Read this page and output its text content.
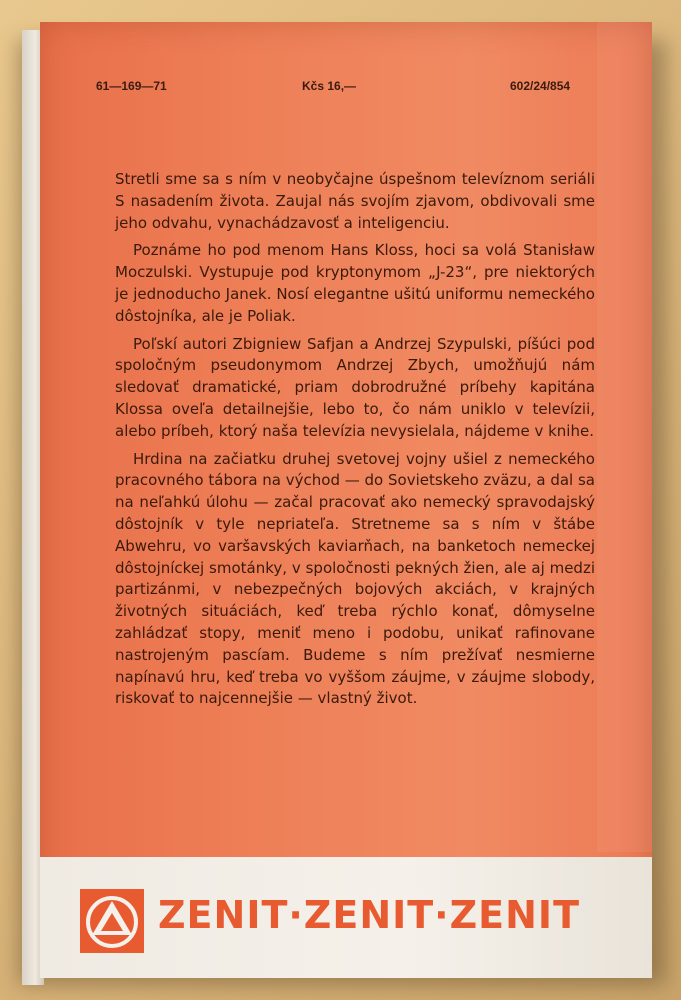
61—169—71	Kčs 16,—	602/24/854

Stretli sme sa s ním v neobyčajne úspešnom televíznom seriáli S nasadením života. Zaujal nás svojím zjavom, obdivovali sme jeho odvahu, vynachádzavosť a inteligenciu.

Poznáme ho pod menom Hans Kloss, hoci sa volá Stanisław Moczulski. Vystupuje pod kryptonymom „J-23“, pre niektorých je jednoducho Janek. Nosí elegantne ušitú uniformu nemeckého dôstojníka, ale je Poliak.

Poľskí autori Zbigniew Safjan a Andrzej Szypulski, píšúci pod spoločným pseudonymom Andrzej Zbych, umožňujú nám sledovať dramatické, priam dobrodružné príbehy kapitána Klossa oveľa detailnejšie, lebo to, čo nám uniklo v televízii, alebo príbeh, ktorý naša televízia nevysielala, nájdeme v knihe.

Hrdina na začiatku druhej svetovej vojny ušiel z nemeckého pracovného tábora na východ — do Sovietskeho zväzu, a dal sa na neľahkú úlohu — začal pracovať ako nemecký spravodajský dôstojník v tyle nepriateľa. Stretneme sa s ním v štábe Abwehru, vo varšavských kaviarňach, na banketoch nemeckej dôstojníckej smotánky, v spoločnosti pekných žien, ale aj medzi partizánmi, v nebezpečných bojových akciách, v krajných životných situáciách, keď treba rýchlo konať, dômyselne zahládzať stopy, meniť meno i podobu, unikať rafinovane nastrojeným pascíam. Budeme s ním prežívať nesmierne napínavú hru, keď treba vo vyššom záujme, v záujme slobody, riskovať to najcennejšie — vlastný život.

ZENIT·ZENIT·ZENIT
